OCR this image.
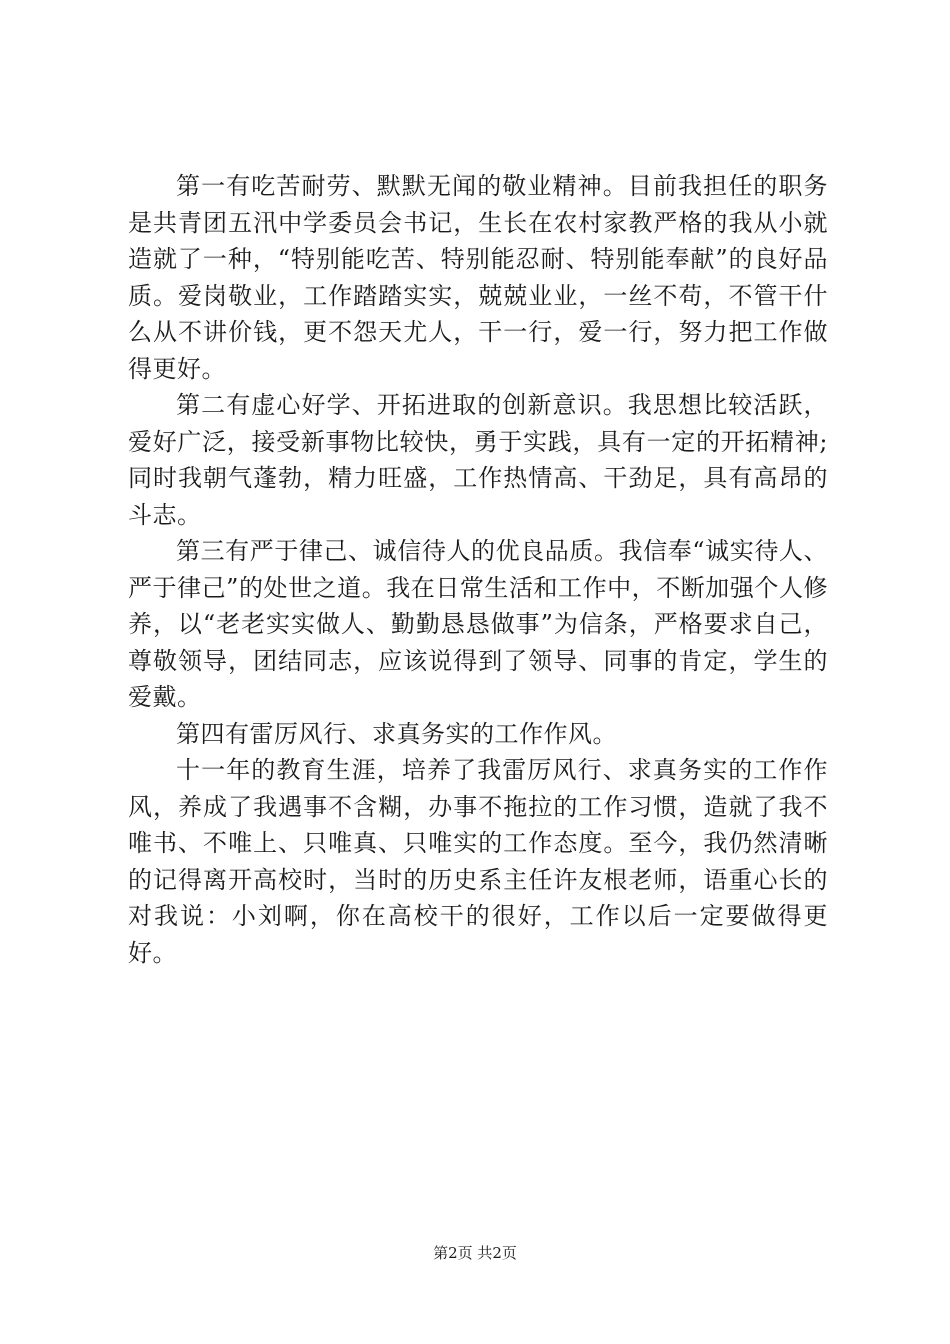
第一有吃苦耐劳、默默无闻的敬业精神。目前我担任的职务是共青团五汛中学委员会书记，生长在农村家教严格的我从小就造就了一种，“特别能吃苦、特别能忍耐、特别能奉献”的良好品质。爱岗敬业，工作踏踏实实，兢兢业业，一丝不苟，不管干什么从不讲价钱，更不怨天尤人，干一行，爱一行，努力把工作做得更好。

第二有虚心好学、开拓进取的创新意识。我思想比较活跃，爱好广泛，接受新事物比较快，勇于实践，具有一定的开拓精神;同时我朝气蓬勃，精力旺盛，工作热情高、干劲足，具有高昂的斗志。

第三有严于律己、诚信待人的优良品质。我信奉“诚实待人、严于律己”的处世之道。我在日常生活和工作中，不断加强个人修养，以“老老实实做人、勤勤恳恳做事”为信条，严格要求自己，尊敬领导，团结同志，应该说得到了领导、同事的肯定，学生的爱戴。

第四有雷厉风行、求真务实的工作作风。

十一年的教育生涯，培养了我雷厉风行、求真务实的工作作风，养成了我遇事不含糊，办事不拖拉的工作习惯，造就了我不唯书、不唯上、只唯真、只唯实的工作态度。至今，我仍然清晰的记得离开高校时，当时的历史系主任许友根老师，语重心长的对我说：小刘啊，你在高校干的很好，工作以后一定要做得更好。

第2页 共2页
